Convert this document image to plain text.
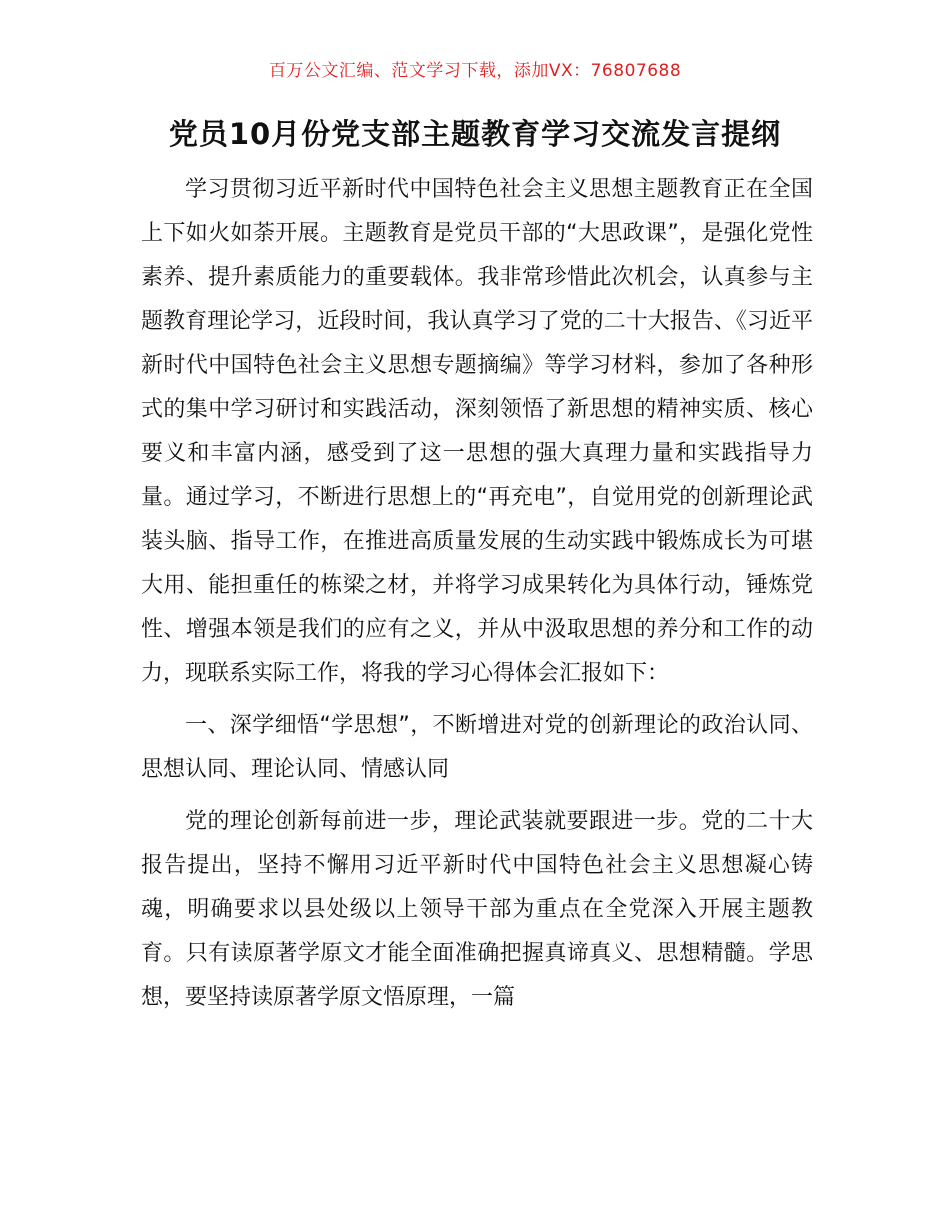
百万公文汇编、范文学习下载，添加VX：76807688
党员10月份党支部主题教育学习交流发言提纲

学习贯彻习近平新时代中国特色社会主义思想主题教育正在全国上下如火如荼开展。主题教育是党员干部的“大思政课”，是强化党性素养、提升素质能力的重要载体。我非常珍惜此次机会，认真参与主题教育理论学习，近段时间，我认真学习了党的二十大报告、《习近平新时代中国特色社会主义思想专题摘编》等学习材料，参加了各种形式的集中学习研讨和实践活动，深刻领悟了新思想的精神实质、核心要义和丰富内涵，感受到了这一思想的强大真理力量和实践指导力量。通过学习，不断进行思想上的“再充电”，自觉用党的创新理论武装头脑、指导工作，在推进高质量发展的生动实践中锻炼成长为可堪大用、能担重任的栋梁之材，并将学习成果转化为具体行动，锤炼党性、增强本领是我们的应有之义，并从中汲取思想的养分和工作的动力，现联系实际工作，将我的学习心得体会汇报如下：

一、深学细悟“学思想”，不断增进对党的创新理论的政治认同、思想认同、理论认同、情感认同

党的理论创新每前进一步，理论武装就要跟进一步。党的二十大报告提出，坚持不懈用习近平新时代中国特色社会主义思想凝心铸魂，明确要求以县处级以上领导干部为重点在全党深入开展主题教育。只有读原著学原文才能全面准确把握真谛真义、思想精髓。学思想，要坚持读原著学原文悟原理，一篇
